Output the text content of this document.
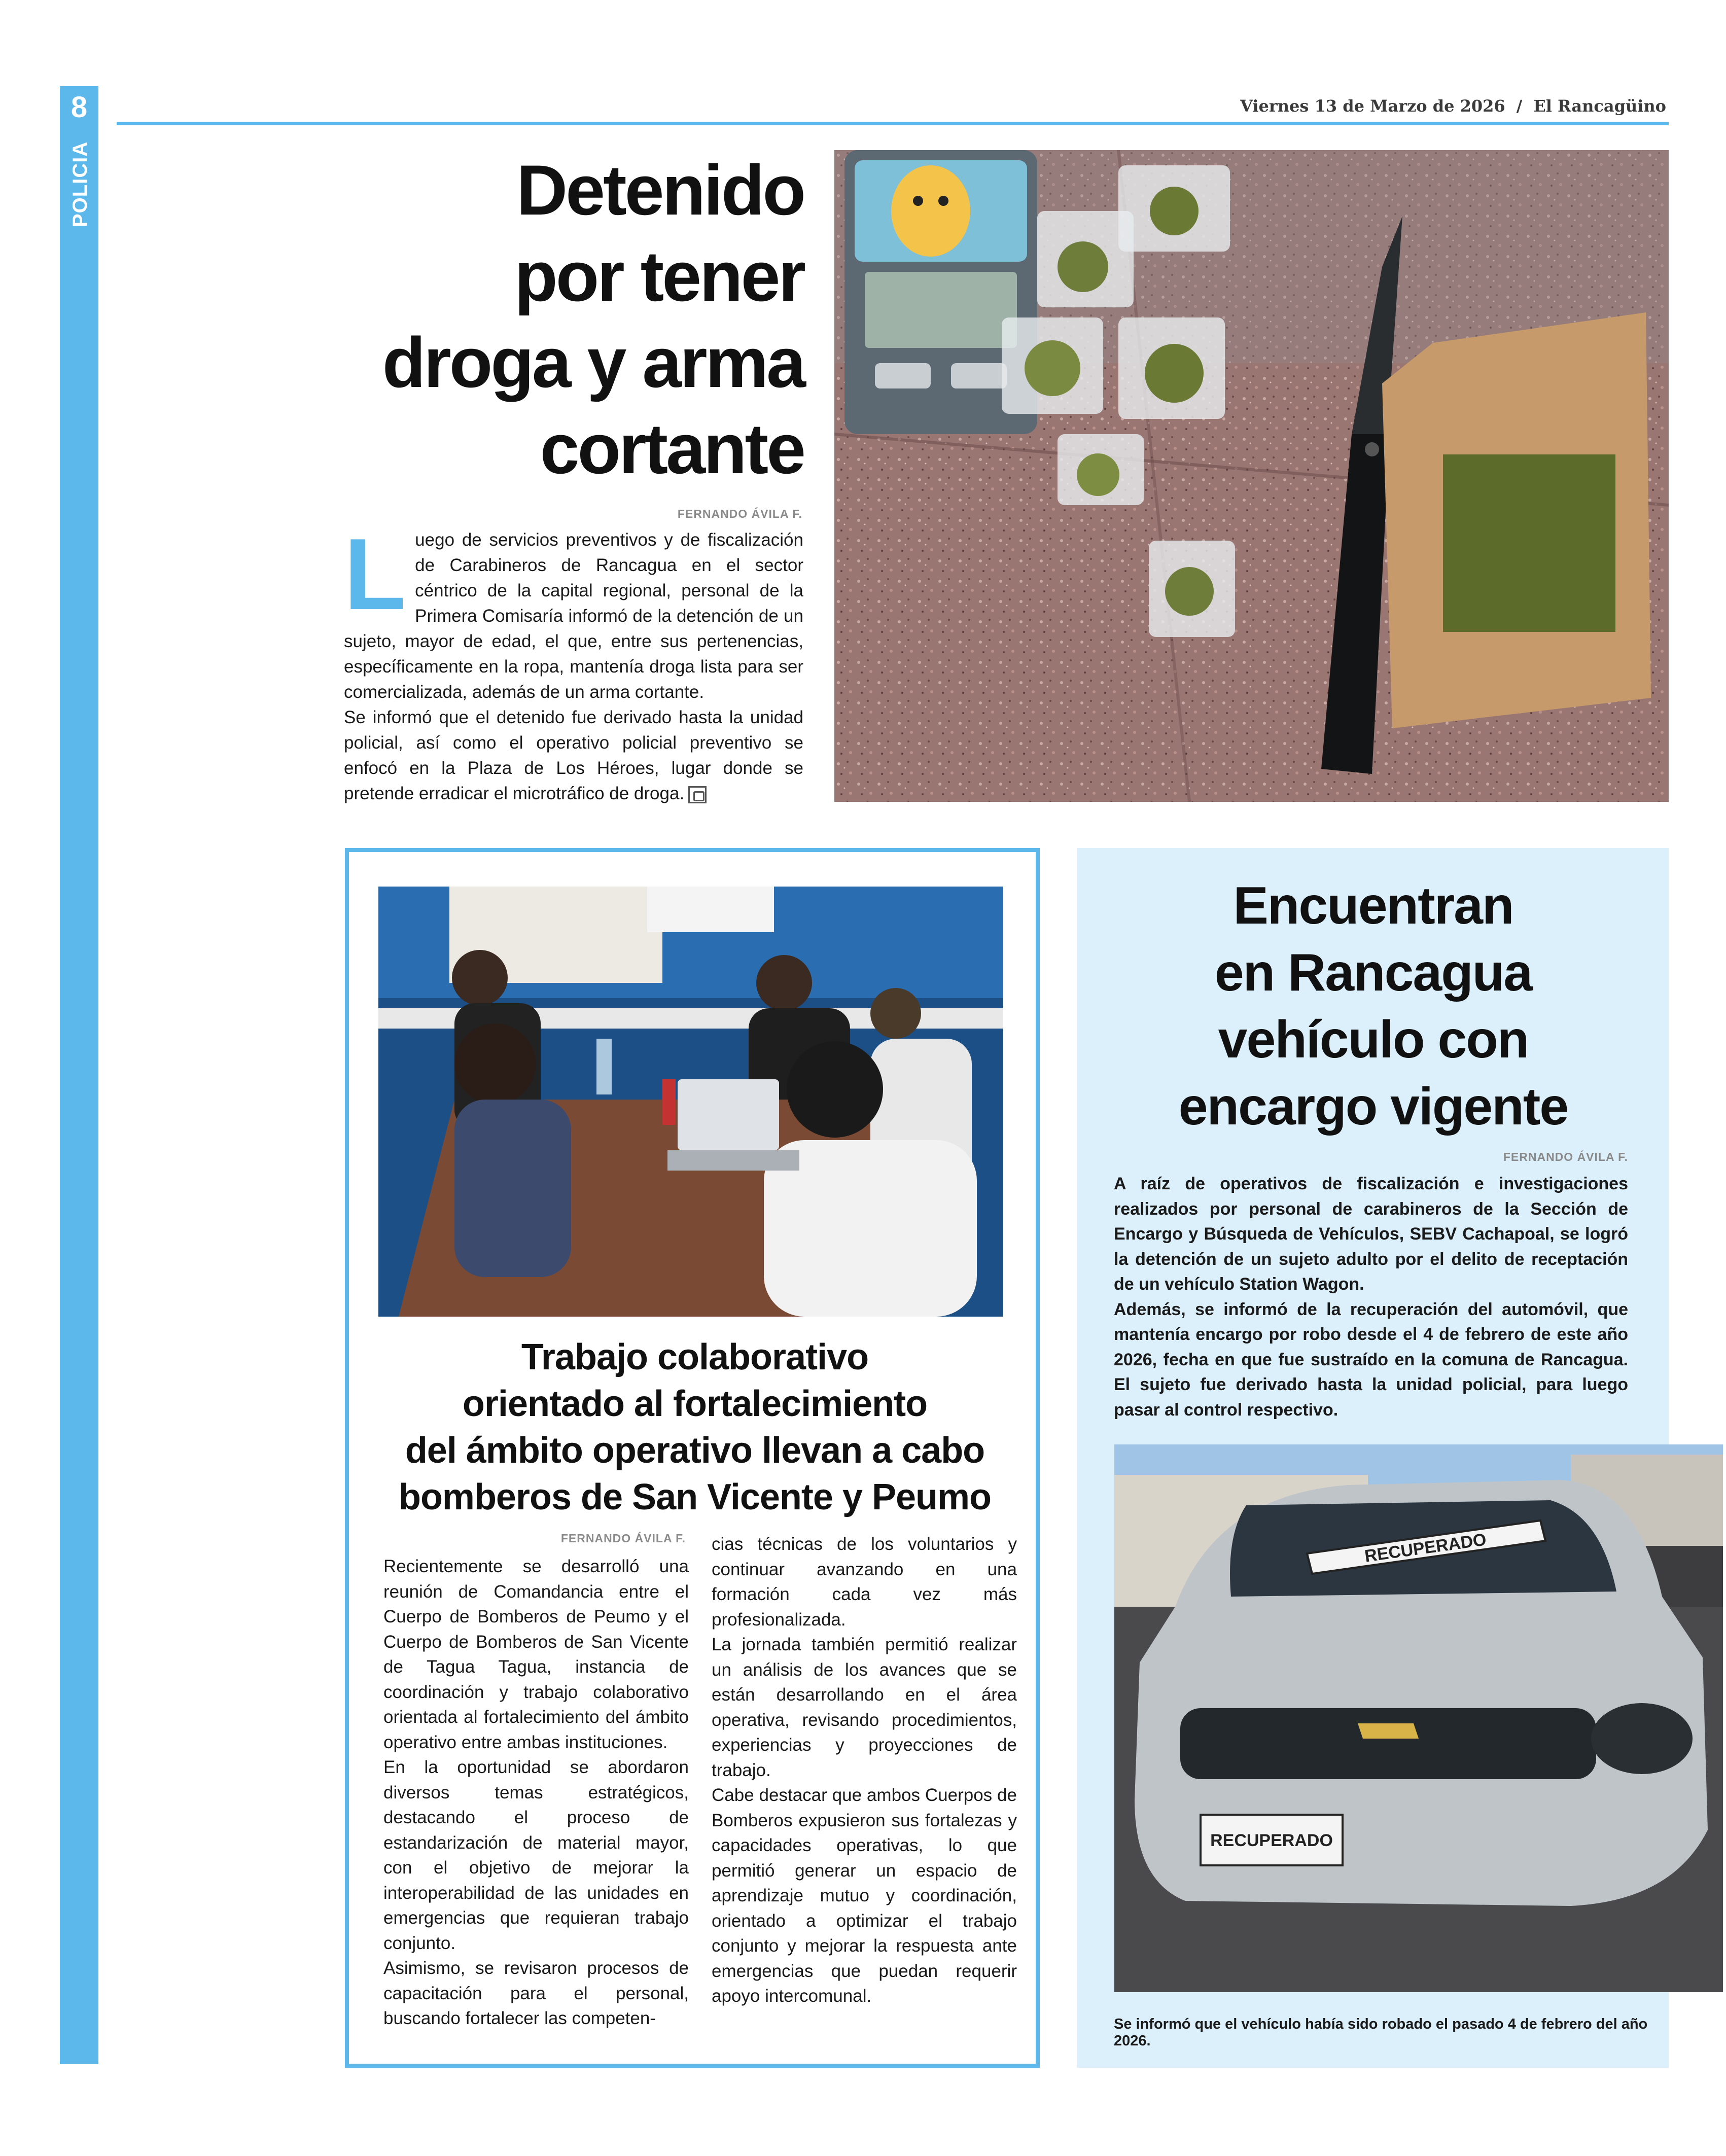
8
POLICIA
Viernes 13 de Marzo de 2026 / El Rancagüino
Detenido
por tener
droga y arma
cortante
FERNANDO ÁVILA F.

Luego de servicios preventivos y de fiscalización de Carabineros de Rancagua en el sector céntrico de la capital regional, personal de la Primera Comisaría informó de la detención de un sujeto, mayor de edad, el que, entre sus pertenencias, específicamente en la ropa, mantenía droga lista para ser comercializada, además de un arma cortante.

Se informó que el detenido fue derivado hasta la unidad policial, así como el operativo policial preventivo se enfocó en la Plaza de Los Héroes, lugar donde se pretende erradicar el microtráfico de droga.

Trabajo colaborativo
orientado al fortalecimiento
del ámbito operativo llevan a cabo
bomberos de San Vicente y Peumo
FERNANDO ÁVILA F.

Recientemente se desarrolló una reunión de Comandancia entre el Cuerpo de Bomberos de Peumo y el Cuerpo de Bomberos de San Vicente de Tagua Tagua, instancia de coordinación y trabajo colaborativo orientada al fortalecimiento del ámbito operativo entre ambas instituciones.

En la oportunidad se abordaron diversos temas estratégicos, destacando el proceso de estandarización de material mayor, con el objetivo de mejorar la interoperabilidad de las unidades en emergencias que requieran trabajo conjunto.

Asimismo, se revisaron procesos de capacitación para el personal, buscando fortalecer las competen-

cias técnicas de los voluntarios y continuar avanzando en una formación cada vez más profesionalizada.

La jornada también permitió realizar un análisis de los avances que se están desarrollando en el área operativa, revisando procedimientos, experiencias y proyecciones de trabajo.

Cabe destacar que ambos Cuerpos de Bomberos expusieron sus fortalezas y capacidades operativas, lo que permitió generar un espacio de aprendizaje mutuo y coordinación, orientado a optimizar el trabajo conjunto y mejorar la respuesta ante emergencias que puedan requerir apoyo intercomunal.

Encuentran
en Rancagua
vehículo con
encargo vigente
FERNANDO ÁVILA F.

A raíz de operativos de fiscalización e investigaciones realizados por personal de carabineros de la Sección de Encargo y Búsqueda de Vehículos, SEBV Cachapoal, se logró la detención de un sujeto adulto por el delito de receptación de un vehículo Station Wagon.

Además, se informó de la recuperación del automóvil, que mantenía encargo por robo desde el 4 de febrero de este año 2026, fecha en que fue sustraído en la comuna de Rancagua. El sujeto fue derivado hasta la unidad policial, para luego pasar al control respectivo.

RECUPERADO
RECUPERADO
Se informó que el vehículo había sido robado el pasado 4 de febrero del año 2026.
